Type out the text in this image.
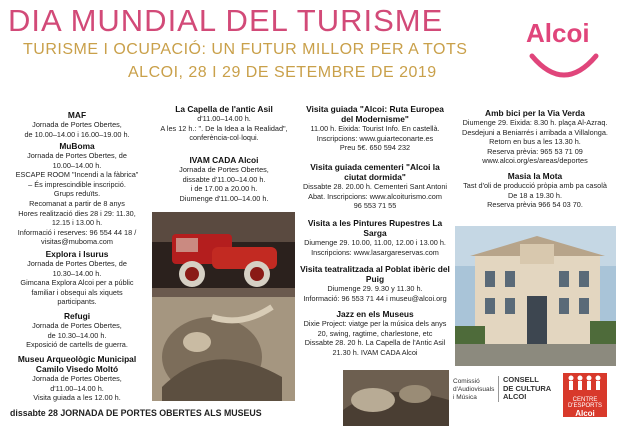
DIA MUNDIAL DEL TURISME
TURISME I OCUPACIÓ: UN FUTUR MILLOR PER A TOTS
ALCOI, 28 I 29 DE SETEMBRE DE 2019
Alcoi
MAF

Jornada de Portes Obertes,

de 10.00–14.00 i 16.00–19.00 h.

MuBoma

Jornada de Portes Obertes, de

10.00–14.00 h.

ESCAPE ROOM "Incendi a la fàbrica"

– És imprescindible inscripció.

Grups reduïts.

Recomanat a partir de 8 anys

Hores realització dies 28 i 29: 11.30,

12.15 i 13.00 h.

Informació i reserves: 96 554 44 18 /

visitas@muboma.com

Explora i Isurus

Jornada de Portes Obertes, de

10.30–14.00 h.

Gimcana Explora Alcoi per a públic

familiar i obsequi als xiquets

participants.

Refugi

Jornada de Portes Obertes,

de 10.30–14.00 h.

Exposició de cartells de guerra.

Museu Arqueològic Municipal Camilo Visedo Moltó

Jornada de Portes Obertes,

d'11.00–14.00 h.

Visita guiada a les 12.00 h.

La Capella de l'antic Asil

d'11.00–14.00 h.

A les 12 h.: ". De la Idea a la Realidad",

conferència-col·loqui.

IVAM CADA Alcoi

Jornada de Portes Obertes,

dissabte d'11.00–14.00 h.

i de 17.00 a 20.00 h.

Diumenge d'11.00–14.00 h.

Visita guiada "Alcoi: Ruta Europea del Modernisme"

11.00 h. Eixida: Tourist Info. En castellà.

Inscripcions: www.guiarteconarte.es

Preu 5€. 650 594 232

Visita guiada cementeri "Alcoi la ciutat dormida"

Dissabte 28. 20.00 h. Cementeri Sant Antoni

Abat. Inscripcions: www.alcoiturismo.com

96 553 71 55

Visita a les Pintures Rupestres La Sarga

Diumenge 29. 10.00, 11.00, 12.00 i 13.00 h.

Inscripcions: www.lasargareservas.com

Visita teatralitzada al Poblat ibèric del Puig

Diumenge 29. 9.30 y 11.30 h.

Informació: 96 553 71 44 i museu@alcoi.org

Jazz en els Museus

Dixie Project: viatge per la música dels anys

20, swing, ragtime, charlestone, etc

Dissabte 28. 20 h. La Capella de l'Antic Asil

21.30 h. IVAM CADA Alcoi

Amb bici per la Via Verda

Diumenge 29. Eixida: 8.30 h. plaça Al-Azraq.

Desdejuni a Beniarrés i arribada a Villalonga.

Retorn en bus a les 13.30 h.

Reserva prèvia: 965 53 71 09

www.alcoi.org/es/areas/deportes

Masia la Mota

Tast d'oli de producció pròpia amb pa casolà

De 18 a 19.30 h.

Reserva prèvia 966 54 03 70.

Comissió
d'Audiovisuals
i Música
CONSELL
DE CULTURA
ALCOI	CENTRE D'ESPORTS
Alcoi
dissabte 28 JORNADA DE PORTES OBERTES ALS MUSEUS
